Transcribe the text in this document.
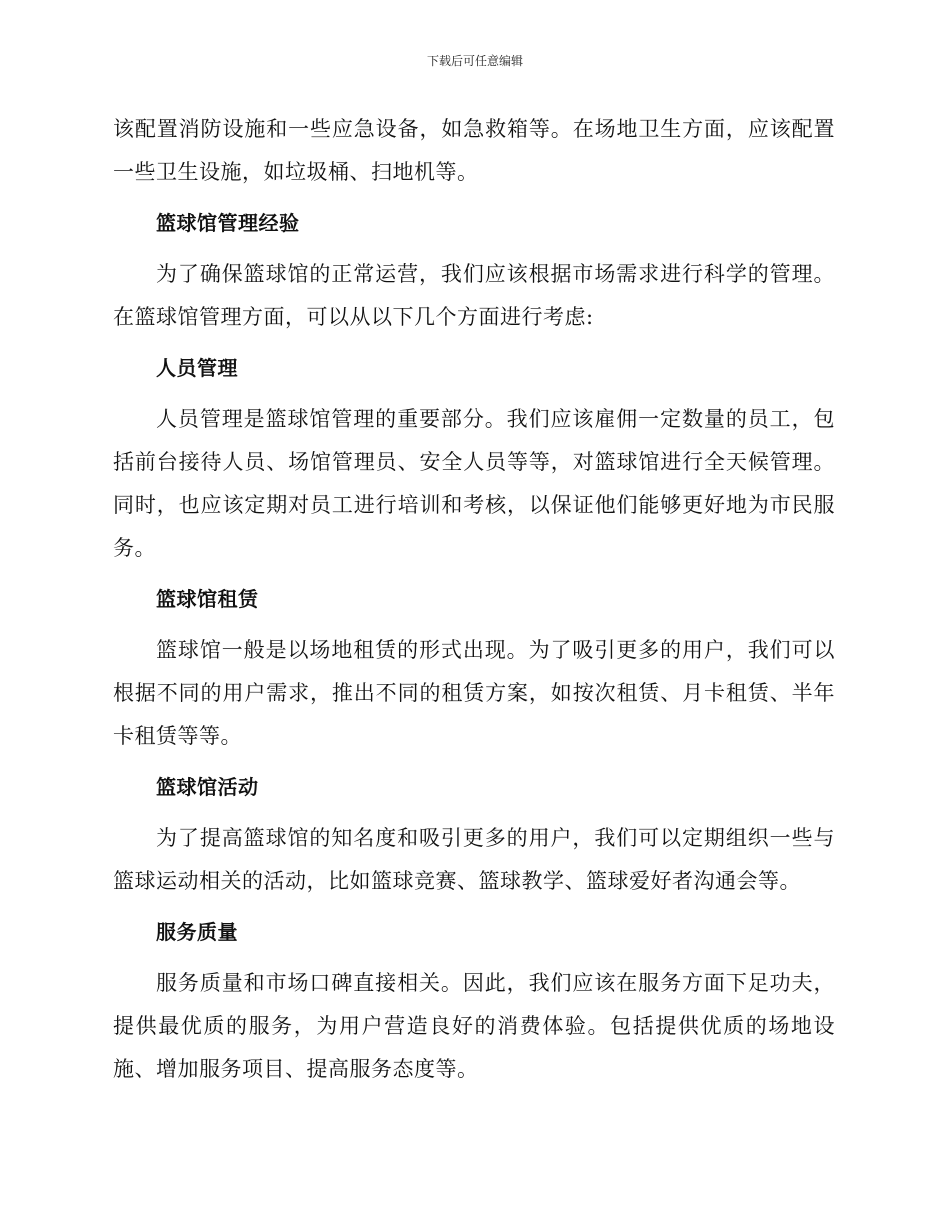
下载后可任意编辑

该配置消防设施和一些应急设备，如急救箱等。在场地卫生方面，应该配置一些卫生设施，如垃圾桶、扫地机等。

篮球馆管理经验

为了确保篮球馆的正常运营，我们应该根据市场需求进行科学的管理。在篮球馆管理方面，可以从以下几个方面进行考虑:

人员管理

人员管理是篮球馆管理的重要部分。我们应该雇佣一定数量的员工，包括前台接待人员、场馆管理员、安全人员等等，对篮球馆进行全天候管理。同时，也应该定期对员工进行培训和考核，以保证他们能够更好地为市民服务。

篮球馆租赁

篮球馆一般是以场地租赁的形式出现。为了吸引更多的用户，我们可以根据不同的用户需求，推出不同的租赁方案，如按次租赁、月卡租赁、半年卡租赁等等。

篮球馆活动

为了提高篮球馆的知名度和吸引更多的用户，我们可以定期组织一些与篮球运动相关的活动，比如篮球竞赛、篮球教学、篮球爱好者沟通会等。

服务质量

服务质量和市场口碑直接相关。因此，我们应该在服务方面下足功夫，提供最优质的服务，为用户营造良好的消费体验。包括提供优质的场地设施、增加服务项目、提高服务态度等。
